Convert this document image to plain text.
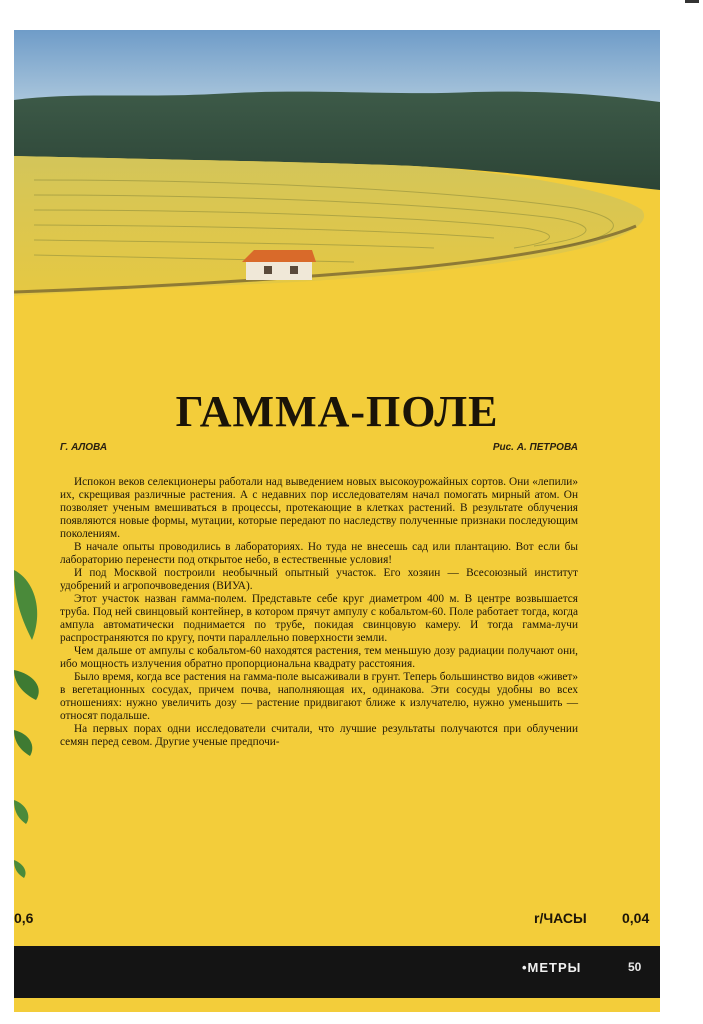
ГАММА-ПОЛЕ
Г. АЛОВА	Рис. А. ПЕТРОВА

Испокон веков селекционеры работали над выведением новых высокоурожайных сортов. Они «лепили» их, скрещивая различные растения. А с недавних пор исследователям начал помогать мирный атом. Он позволяет ученым вмешиваться в процессы, протекающие в клетках растений. В результате облучения появляются новые формы, мутации, которые передают по наследству полученные признаки последующим поколениям.

В начале опыты проводились в лабораториях. Но туда не внесешь сад или плантацию. Вот если бы лабораторию перенести под открытое небо, в естественные условия!

И под Москвой построили необычный опытный участок. Его хозяин — Всесоюзный институт удобрений и агропочвоведения (ВИУА).

Этот участок назван гамма-полем. Представьте себе круг диаметром 400 м. В центре возвышается труба. Под ней свинцовый контейнер, в котором прячут ампулу с кобальтом-60. Поле работает тогда, когда ампула автоматически поднимается по трубе, покидая свинцовую камеру. И тогда гамма-лучи распространяются по кругу, почти параллельно поверхности земли.

Чем дальше от ампулы с кобальтом-60 находятся растения, тем меньшую дозу радиации получают они, ибо мощность излучения обратно пропорциональна квадрату расстояния.

Было время, когда все растения на гамма-поле высаживали в грунт. Теперь большинство видов «живет» в вегетационных сосудах, причем почва, наполняющая их, одинакова. Эти сосуды удобны во всех отношениях: нужно увеличить дозу — растение придвигают ближе к излучателю, нужно уменьшить — относят подальше.

На первых порах одни исследователи считали, что лучшие результаты получаются при облучении семян перед севом. Другие ученые предпочи-

0,6	r/ЧАСЫ	0,04
•МЕТРЫ	50
